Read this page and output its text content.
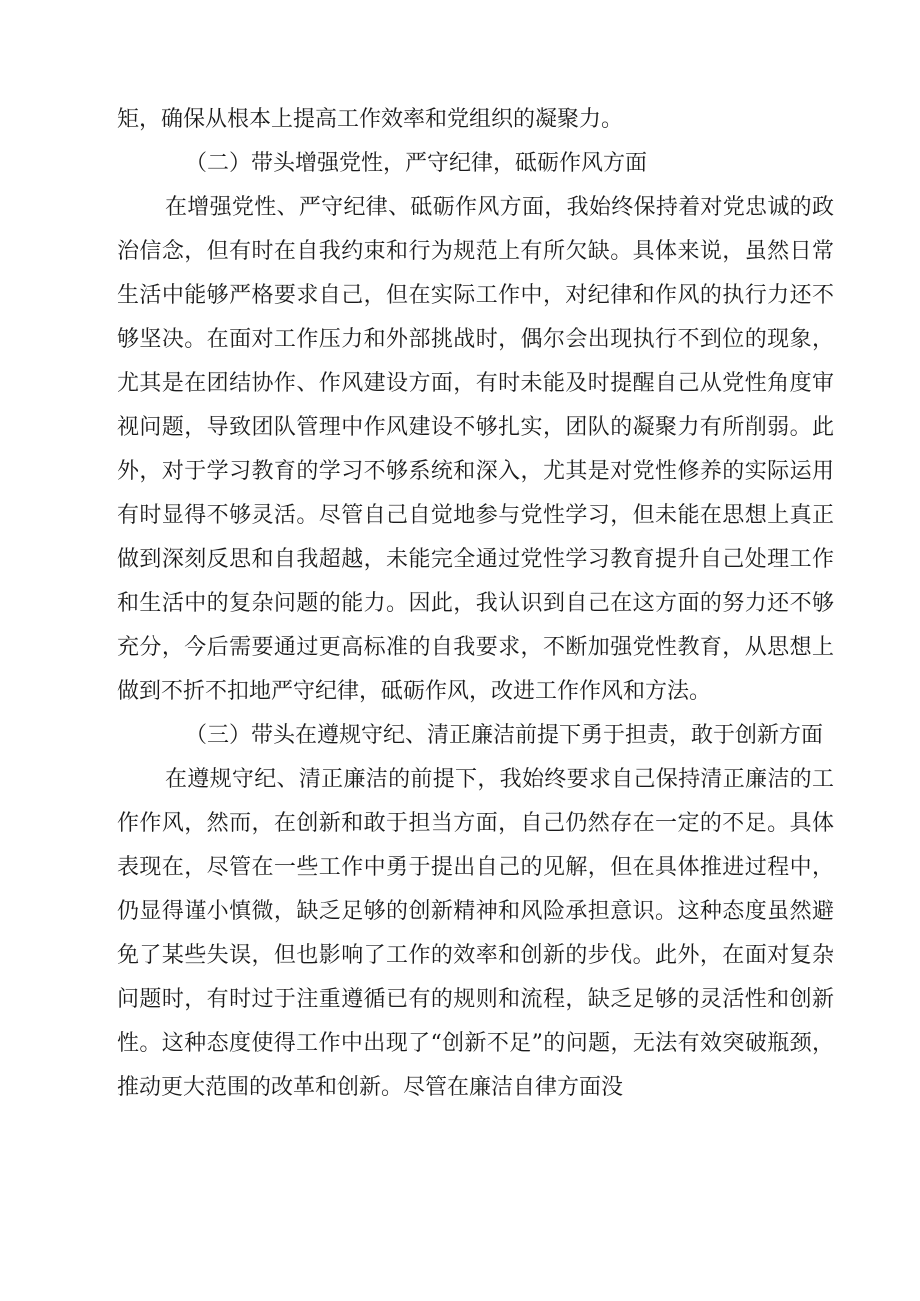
矩，确保从根本上提高工作效率和党组织的凝聚力。

（二）带头增强党性，严守纪律，砥砺作风方面

在增强党性、严守纪律、砥砺作风方面，我始终保持着对党忠诚的政治信念，但有时在自我约束和行为规范上有所欠缺。具体来说，虽然日常生活中能够严格要求自己，但在实际工作中，对纪律和作风的执行力还不够坚决。在面对工作压力和外部挑战时，偶尔会出现执行不到位的现象，尤其是在团结协作、作风建设方面，有时未能及时提醒自己从党性角度审视问题，导致团队管理中作风建设不够扎实，团队的凝聚力有所削弱。此外，对于学习教育的学习不够系统和深入，尤其是对党性修养的实际运用有时显得不够灵活。尽管自己自觉地参与党性学习，但未能在思想上真正做到深刻反思和自我超越，未能完全通过党性学习教育提升自己处理工作和生活中的复杂问题的能力。因此，我认识到自己在这方面的努力还不够充分，今后需要通过更高标准的自我要求，不断加强党性教育，从思想上做到不折不扣地严守纪律，砥砺作风，改进工作作风和方法。

（三）带头在遵规守纪、清正廉洁前提下勇于担责，敢于创新方面

在遵规守纪、清正廉洁的前提下，我始终要求自己保持清正廉洁的工作作风，然而，在创新和敢于担当方面，自己仍然存在一定的不足。具体表现在，尽管在一些工作中勇于提出自己的见解，但在具体推进过程中，仍显得谨小慎微，缺乏足够的创新精神和风险承担意识。这种态度虽然避免了某些失误，但也影响了工作的效率和创新的步伐。此外，在面对复杂问题时，有时过于注重遵循已有的规则和流程，缺乏足够的灵活性和创新性。这种态度使得工作中出现了“创新不足”的问题，无法有效突破瓶颈，推动更大范围的改革和创新。尽管在廉洁自律方面没
